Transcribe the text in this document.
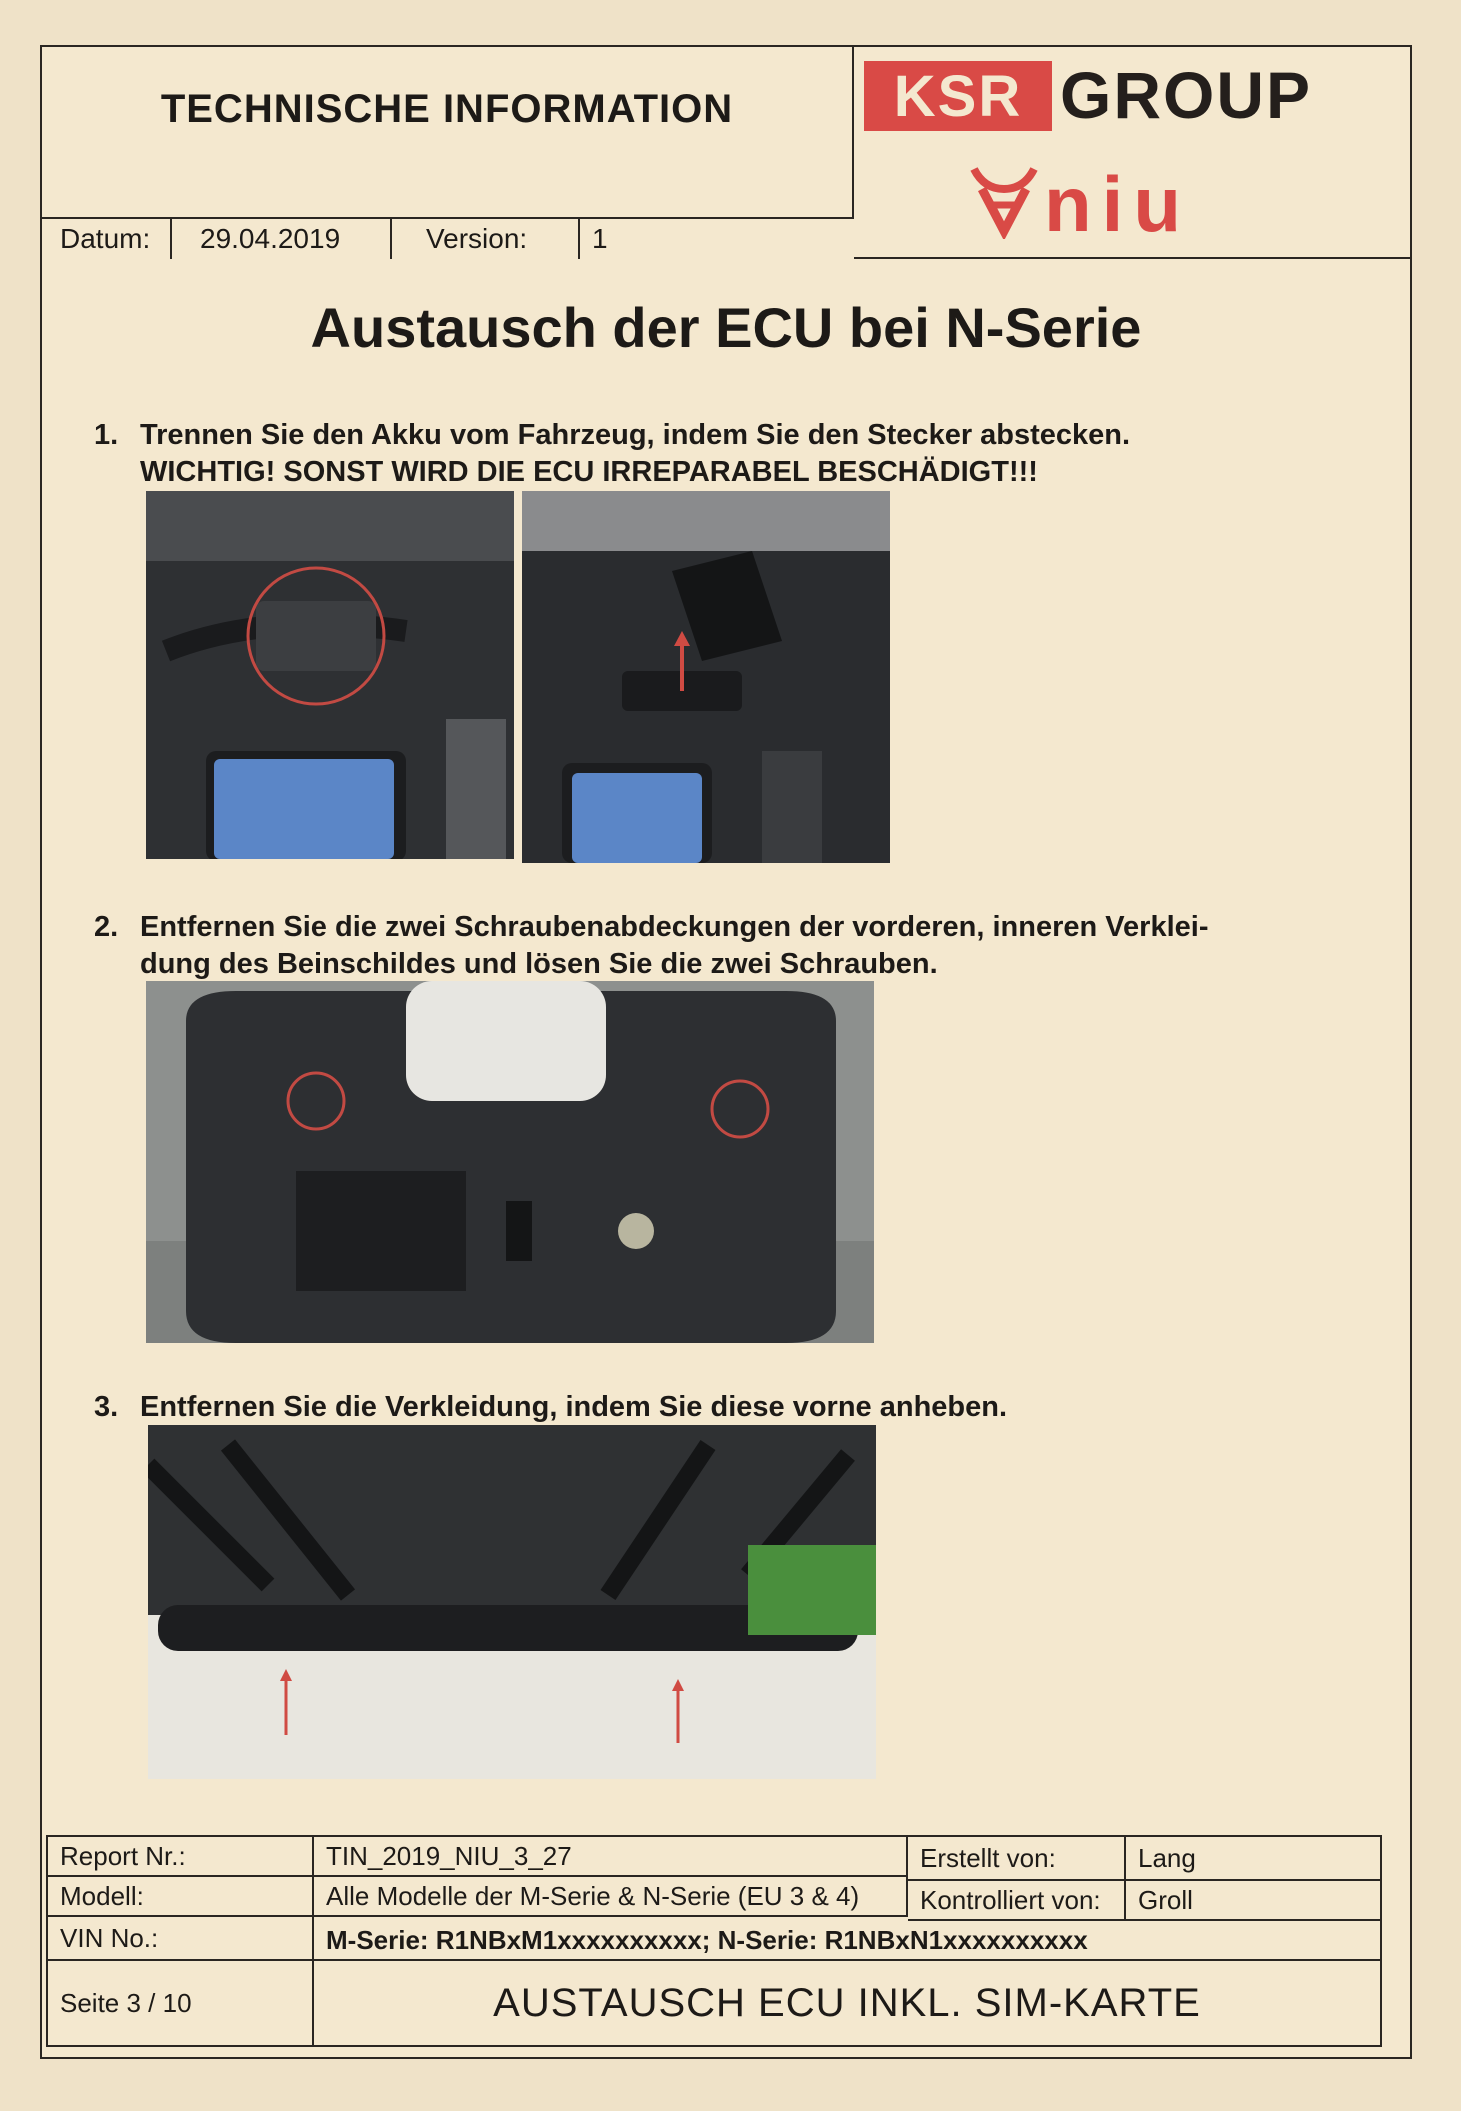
TECHNISCHE INFORMATION
Datum:	29.04.2019	Version:	1
KSR GROUP
niu
Austausch der ECU bei N-Serie
1. Trennen Sie den Akku vom Fahrzeug, indem Sie den Stecker abstecken.
WICHTIG! SONST WIRD DIE ECU IRREPARABEL BESCHÄDIGT!!!
2. Entfernen Sie die zwei Schraubenabdeckungen der vorderen, inneren Verklei-
dung des Beinschildes und lösen Sie die zwei Schrauben.
3. Entfernen Sie die Verkleidung, indem Sie diese vorne anheben.
Report Nr.:	TIN_2019_NIU_3_27	Erstellt von:	Lang
Modell:	Alle Modelle der M-Serie & N-Serie (EU 3 & 4)	Kontrolliert von:	Groll
VIN No.:	M-Serie: R1NBxM1xxxxxxxxxx; N-Serie: R1NBxN1xxxxxxxxxx
Seite 3 / 10	AUSTAUSCH ECU INKL. SIM-KARTE
